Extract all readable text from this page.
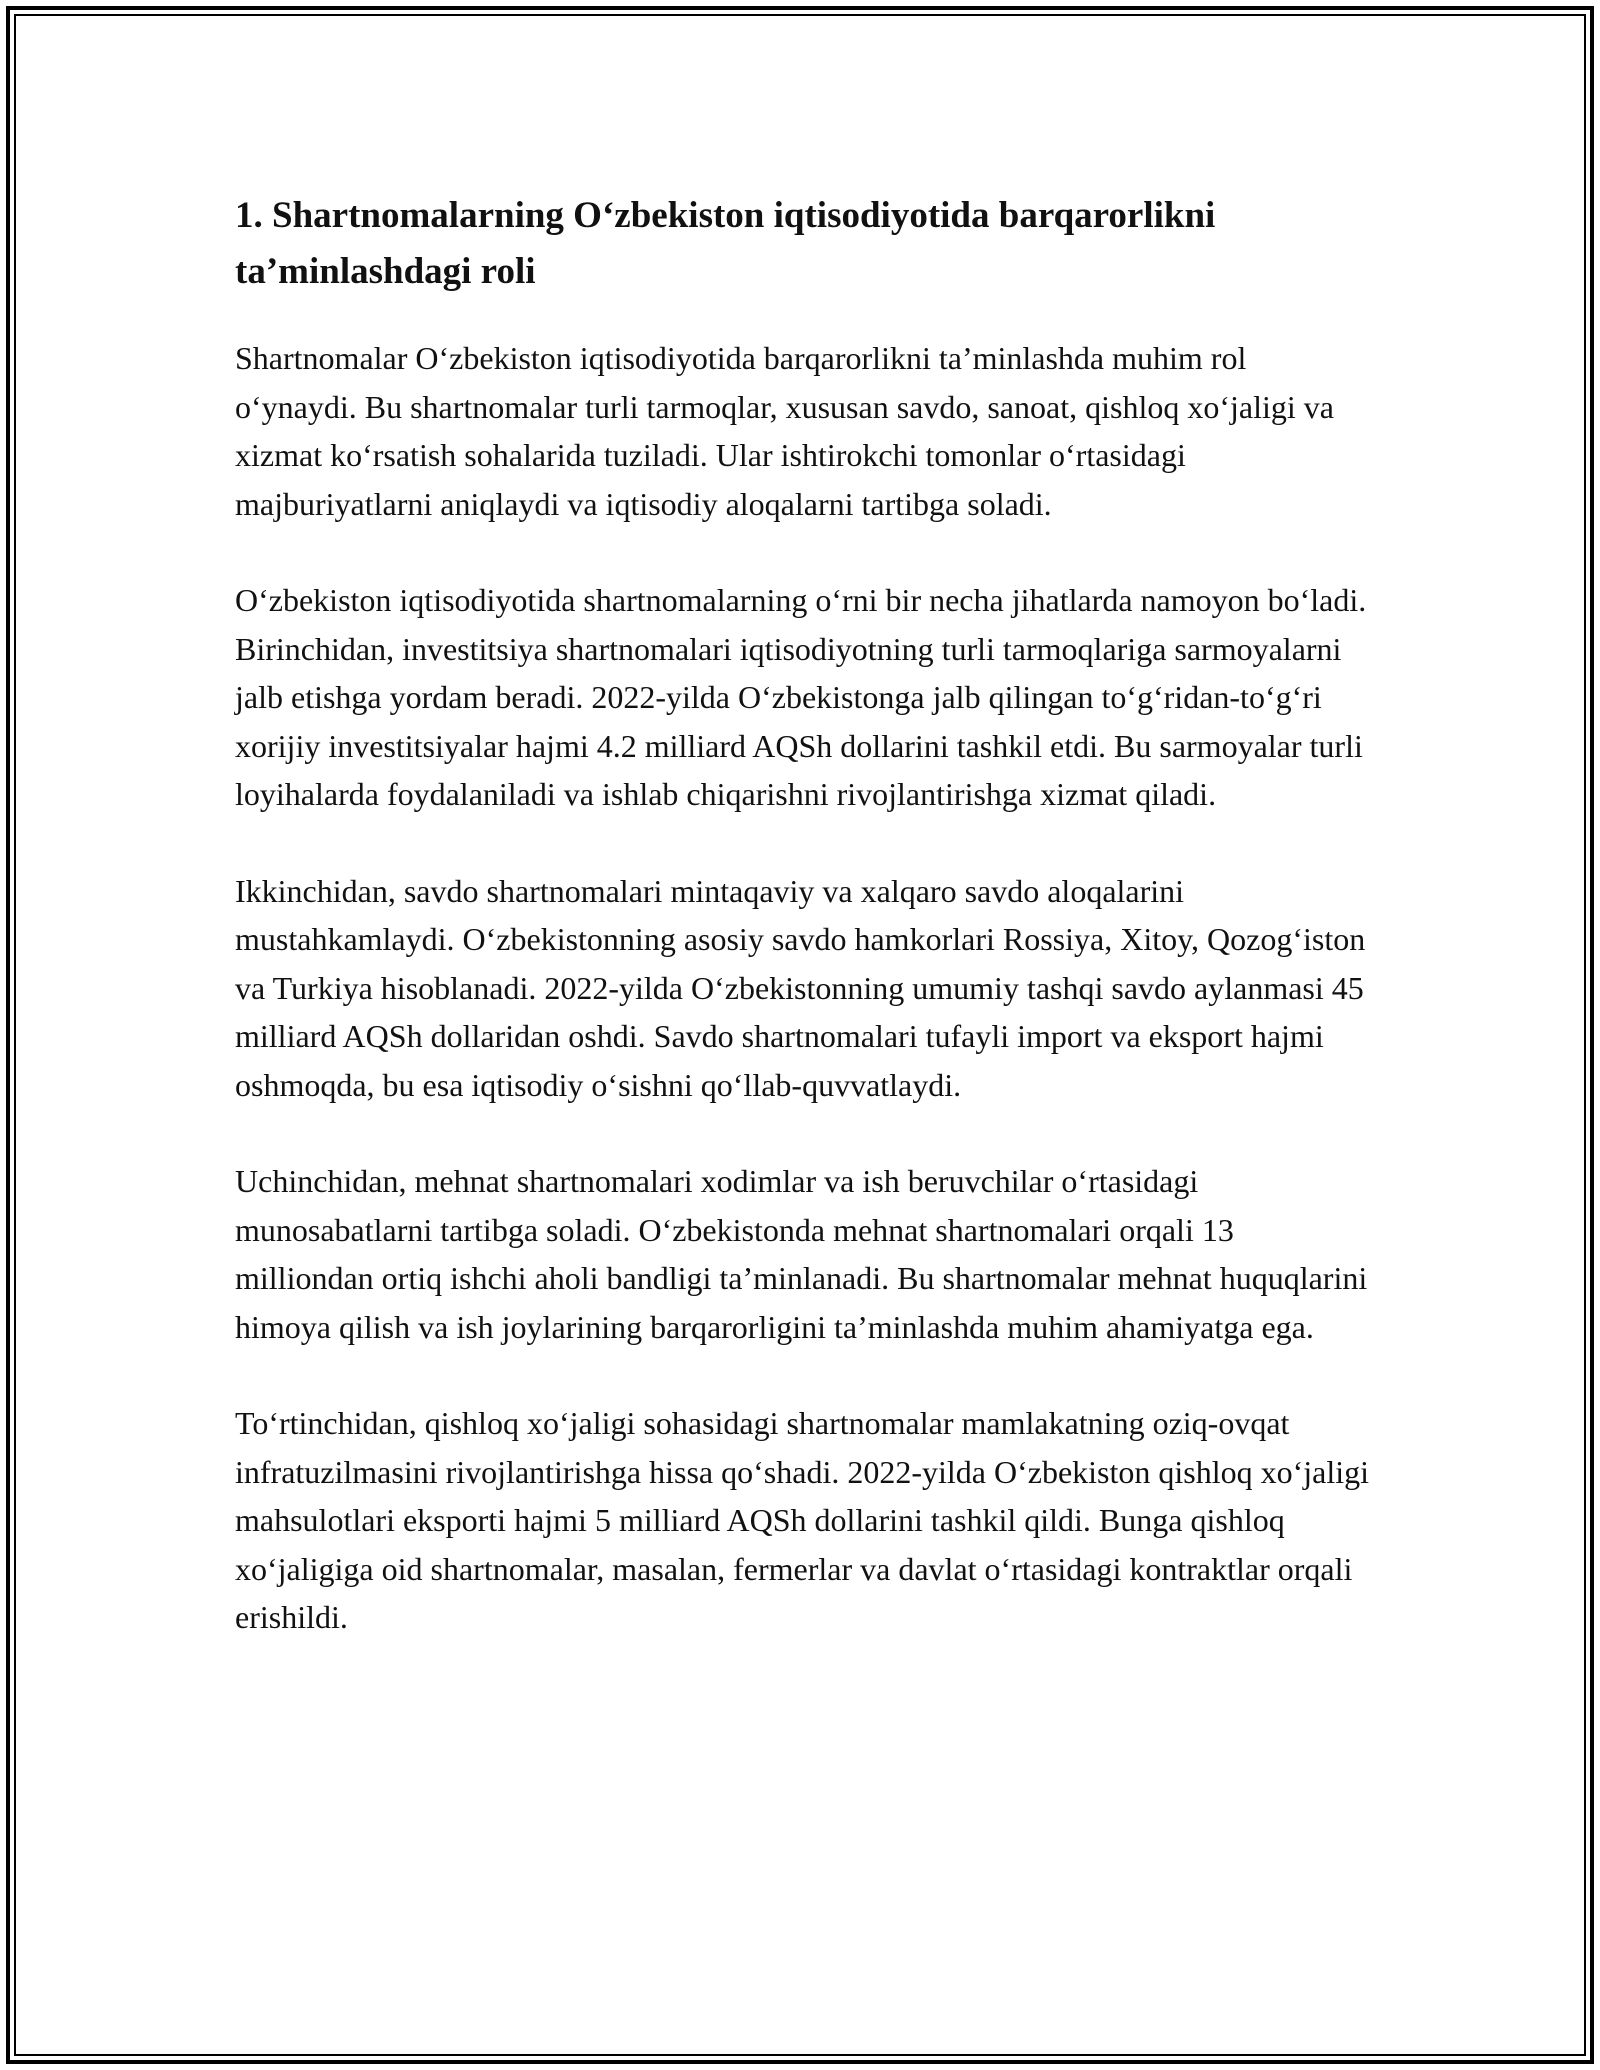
1. Shartnomalarning O‘zbekiston iqtisodiyotida barqarorlikni ta’minlashdagi roli

Shartnomalar O‘zbekiston iqtisodiyotida barqarorlikni ta’minlashda muhim rol o‘ynaydi. Bu shartnomalar turli tarmoqlar, xususan savdo, sanoat, qishloq xo‘jaligi va xizmat ko‘rsatish sohalarida tuziladi. Ular ishtirokchi tomonlar o‘rtasidagi majburiyatlarni aniqlaydi va iqtisodiy aloqalarni tartibga soladi.

O‘zbekiston iqtisodiyotida shartnomalarning o‘rni bir necha jihatlarda namoyon bo‘ladi. Birinchidan, investitsiya shartnomalari iqtisodiyotning turli tarmoqlariga sarmoyalarni jalb etishga yordam beradi. 2022-yilda O‘zbekistonga jalb qilingan to‘g‘ridan-to‘g‘ri xorijiy investitsiyalar hajmi 4.2 milliard AQSh dollarini tashkil etdi. Bu sarmoyalar turli loyihalarda foydalaniladi va ishlab chiqarishni rivojlantirishga xizmat qiladi.

Ikkinchidan, savdo shartnomalari mintaqaviy va xalqaro savdo aloqalarini mustahkamlaydi. O‘zbekistonning asosiy savdo hamkorlari Rossiya, Xitoy, Qozog‘iston va Turkiya hisoblanadi. 2022-yilda O‘zbekistonning umumiy tashqi savdo aylanmasi 45 milliard AQSh dollaridan oshdi. Savdo shartnomalari tufayli import va eksport hajmi oshmoqda, bu esa iqtisodiy o‘sishni qo‘llab-quvvatlaydi.

Uchinchidan, mehnat shartnomalari xodimlar va ish beruvchilar o‘rtasidagi munosabatlarni tartibga soladi. O‘zbekistonda mehnat shartnomalari orqali 13 milliondan ortiq ishchi aholi bandligi ta’minlanadi. Bu shartnomalar mehnat huquqlarini himoya qilish va ish joylarining barqarorligini ta’minlashda muhim ahamiyatga ega.

To‘rtinchidan, qishloq xo‘jaligi sohasidagi shartnomalar mamlakatning oziq-ovqat infratuzilmasini rivojlantirishga hissa qo‘shadi. 2022-yilda O‘zbekiston qishloq xo‘jaligi mahsulotlari eksporti hajmi 5 milliard AQSh dollarini tashkil qildi. Bunga qishloq xo‘jaligiga oid shartnomalar, masalan, fermerlar va davlat o‘rtasidagi kontraktlar orqali erishildi.
